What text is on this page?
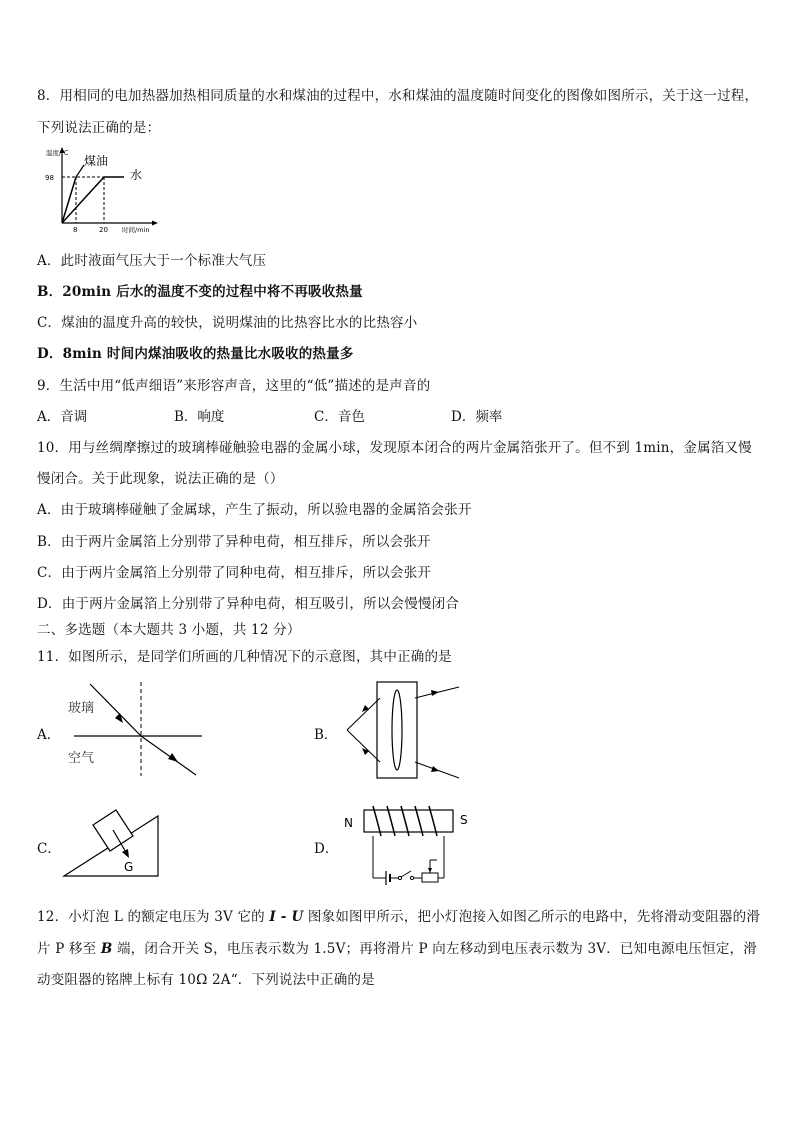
8．用相同的电加热器加热相同质量的水和煤油的过程中，水和煤油的温度随时间变化的图像如图所示，关于这一过程，
下列说法正确的是：
温度/℃
98
8	20 时间/min
煤油
水
A．此时液面气压大于一个标准大气压
B．20min 后水的温度不变的过程中将不再吸收热量
C．煤油的温度升高的较快，说明煤油的比热容比水的比热容小
D．8min 时间内煤油吸收的热量比水吸收的热量多
9．生活中用“低声细语”来形容声音，这里的“低”描述的是声音的
A．音调	B．响度	C．音色	D．频率
10．用与丝绸摩擦过的玻璃棒碰触验电器的金属小球，发现原本闭合的两片金属箔张开了。但不到 1min，金属箔又慢
慢闭合。关于此现象，说法正确的是（）
A．由于玻璃棒碰触了金属球，产生了振动，所以验电器的金属箔会张开
B．由于两片金属箔上分别带了异种电荷，相互排斥，所以会张开
C．由于两片金属箔上分别带了同种电荷，相互排斥，所以会张开
D．由于两片金属箔上分别带了异种电荷，相互吸引，所以会慢慢闭合
二、多选题（本大题共 3 小题，共 12 分）
11．如图所示，是同学们所画的几种情况下的示意图，其中正确的是
A．
玻璃
空气
B．
C．
G
D．
N	S
12．小灯泡 L 的额定电压为 3V 它的 I - U 图象如图甲所示，把小灯泡接入如图乙所示的电路中，先将滑动变阻器的滑
片 P 移至 B 端，闭合开关 S，电压表示数为 1.5V；再将滑片 P 向左移动到电压表示数为 3V．已知电源电压恒定，滑
动变阻器的铭牌上标有 10Ω 2A“．下列说法中正确的是
